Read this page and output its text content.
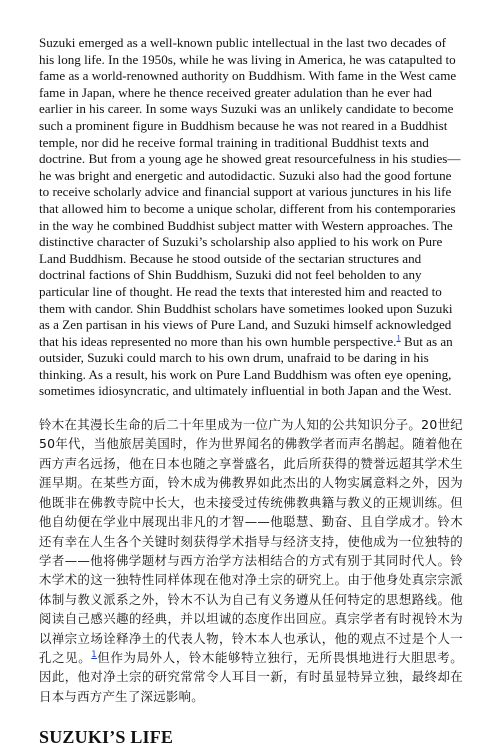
Suzuki emerged as a well-known public intellectual in the last two decades of his long life. In the 1950s, while he was living in America, he was catapulted to fame as a world-renowned authority on Buddhism. With fame in the West came fame in Japan, where he thence received greater adulation than he ever had earlier in his career. In some ways Suzuki was an unlikely candidate to become such a prominent figure in Buddhism because he was not reared in a Buddhist temple, nor did he receive formal training in traditional Buddhist texts and doctrine. But from a young age he showed great resourcefulness in his studies—he was bright and energetic and autodidactic. Suzuki also had the good fortune to receive scholarly advice and financial support at various junctures in his life that allowed him to become a unique scholar, different from his contemporaries in the way he combined Buddhist subject matter with Western approaches. The distinctive character of Suzuki’s scholarship also applied to his work on Pure Land Buddhism. Because he stood outside of the sectarian structures and doctrinal factions of Shin Buddhism, Suzuki did not feel beholden to any particular line of thought. He read the texts that interested him and reacted to them with candor. Shin Buddhist scholars have sometimes looked upon Suzuki as a Zen partisan in his views of Pure Land, and Suzuki himself acknowledged that his ideas represented no more than his own humble perspective.$^1$ But as an outsider, Suzuki could march to his own drum, unafraid to be daring in his thinking. As a result, his work on Pure Land Buddhism was often eye opening, sometimes idiosyncratic, and ultimately influential in both Japan and the West.

铃木在其漫长生命的后二十年里成为一位广为人知的公共知识分子。20世纪50年代，当他旅居美国时，作为世界闻名的佛教学者而声名鹊起。随着他在西方声名远扬，他在日本也随之享誉盛名，此后所获得的赞誉远超其学术生涯早期。在某些方面，铃木成为佛教界如此杰出的人物实属意料之外，因为他既非在佛教寺院中长大，也未接受过传统佛教典籍与教义的正规训练。但他自幼便在学业中展现出非凡的才智——他聪慧、勤奋、且自学成才。铃木还有幸在人生各个关键时刻获得学术指导与经济支持，使他成为一位独特的学者——他将佛学题材与西方治学方法相结合的方式有别于其同时代人。铃木学术的这一独特性同样体现在他对净土宗的研究上。由于他身处真宗宗派体制与教义派系之外，铃木不认为自己有义务遵从任何特定的思想路线。他阅读自己感兴趣的经典，并以坦诚的态度作出回应。真宗学者有时视铃木为以禅宗立场诠释净土的代表人物，铃木本人也承认，他的观点不过是个人一孔之见。$^1$但作为局外人，铃木能够特立独行，无所畏惧地进行大胆思考。因此，他对净土宗的研究常常令人耳目一新，有时虽显特异立独，最终却在日本与西方产生了深远影响。

SUZUKI’S LIFE
